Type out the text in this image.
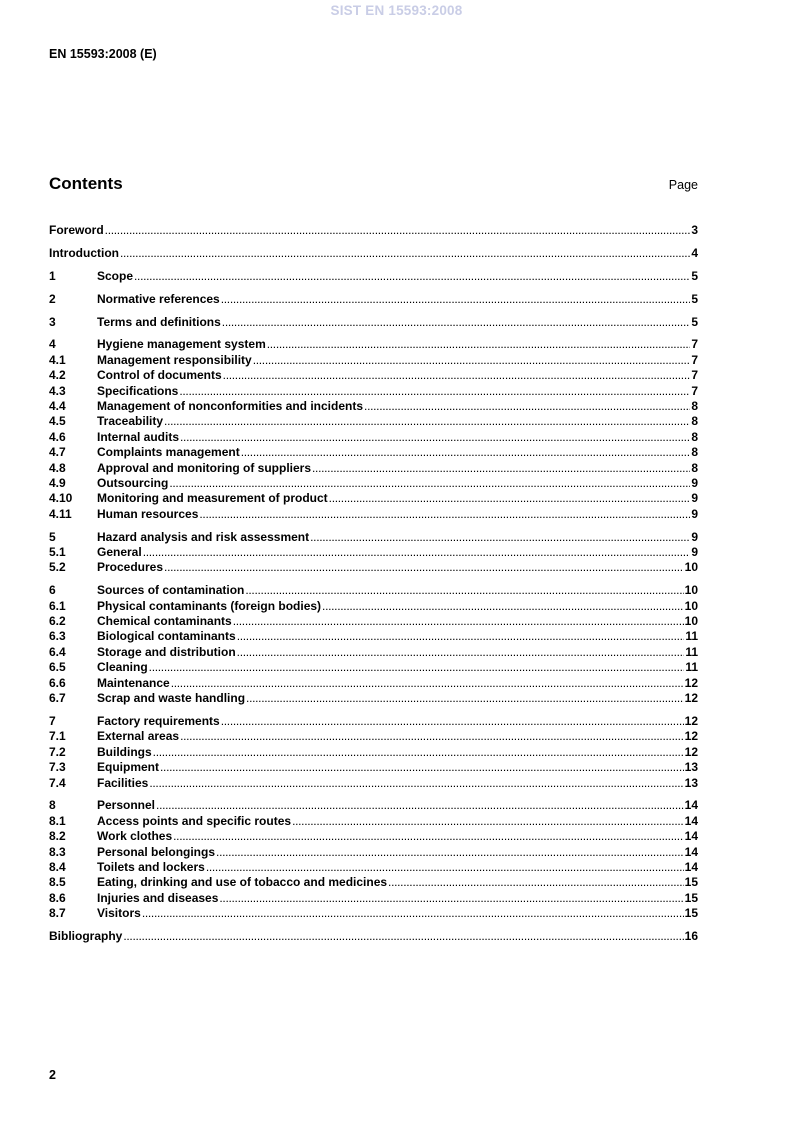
SIST EN 15593:2008
EN 15593:2008 (E)
Contents	Page
Foreword .....	3
Introduction .....	4
1	Scope .....	5
2	Normative references .....	5
3	Terms and definitions .....	5
4	Hygiene management system .....	7
4.1	Management responsibility .....	7
4.2	Control of documents .....	7
4.3	Specifications .....	7
4.4	Management of nonconformities and incidents .....	8
4.5	Traceability .....	8
4.6	Internal audits .....	8
4.7	Complaints management .....	8
4.8	Approval and monitoring of suppliers .....	8
4.9	Outsourcing .....	9
4.10	Monitoring and measurement of product .....	9
4.11	Human resources .....	9
5	Hazard analysis and risk assessment .....	9
5.1	General .....	9
5.2	Procedures .....	10
6	Sources of contamination .....	10
6.1	Physical contaminants (foreign bodies) .....	10
6.2	Chemical contaminants .....	10
6.3	Biological contaminants .....	11
6.4	Storage and distribution .....	11
6.5	Cleaning .....	11
6.6	Maintenance .....	12
6.7	Scrap and waste handling .....	12
7	Factory requirements .....	12
7.1	External areas .....	12
7.2	Buildings .....	12
7.3	Equipment .....	13
7.4	Facilities .....	13
8	Personnel .....	14
8.1	Access points and specific routes .....	14
8.2	Work clothes .....	14
8.3	Personal belongings .....	14
8.4	Toilets and lockers .....	14
8.5	Eating, drinking and use of tobacco and medicines .....	15
8.6	Injuries and diseases .....	15
8.7	Visitors .....	15
Bibliography .....	16
2
